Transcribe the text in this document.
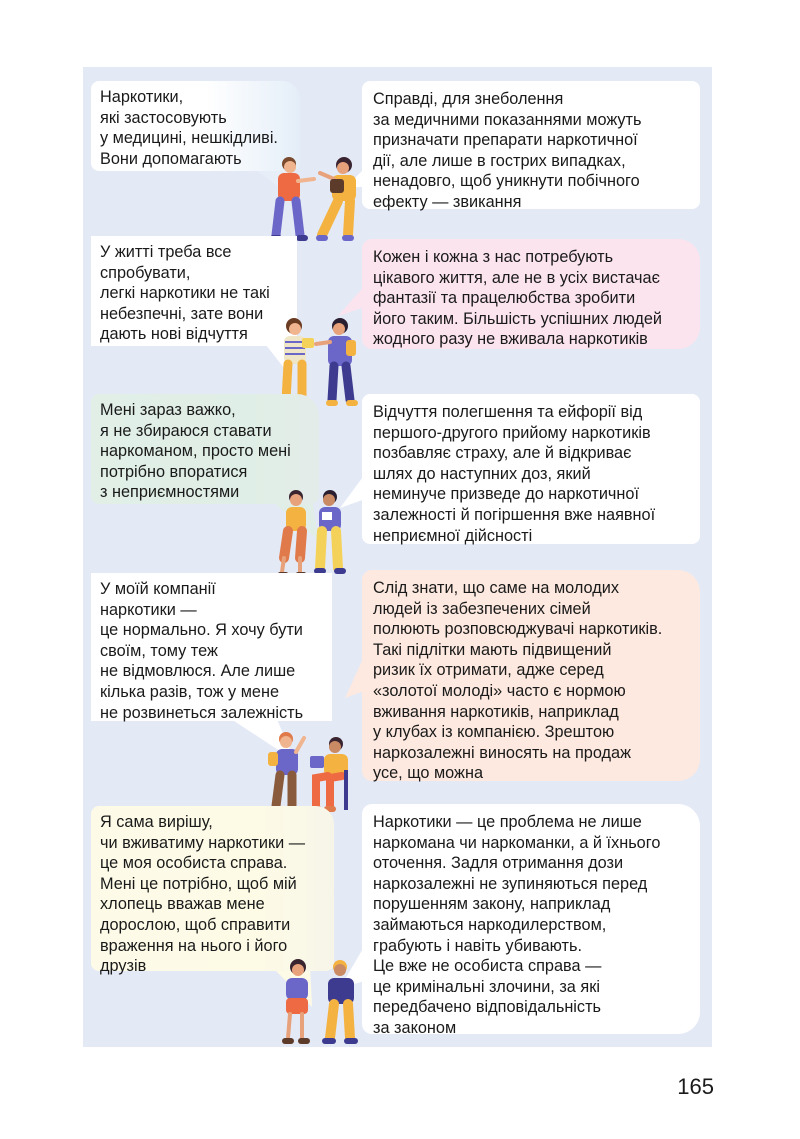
Наркотики,
які застосовують
у медицині, нешкідливі.
Вони допомагають
Справді, для знеболення
за медичними показаннями можуть
призначати препарати наркотичної
дії, але лише в гострих випадках,
ненадовго, щоб уникнути побічного
ефекту — звикання
У житті треба все
спробувати,
легкі наркотики не такі
небезпечні, зате вони
дають нові відчуття
Кожен і кожна з нас потребують
цікавого життя, але не в усіх вистачає
фантазії та працелюбства зробити
його таким. Більшість успішних людей
жодного разу не вживала наркотиків
Мені зараз важко,
я не збираюся ставати
наркоманом, просто мені
потрібно впоратися
з неприємностями
Відчуття полегшення та ейфорії від
першого-другого прийому наркотиків
позбавляє страху, але й відкриває
шлях до наступних доз, який
неминуче призведе до наркотичної
залежності й погіршення вже наявної
неприємної дійсності
У моїй компанії
наркотики —
це нормально. Я хочу бути
своїм, тому теж
не відмовлюся. Але лише
кілька разів, тож у мене
не розвинеться залежність
Слід знати, що саме на молодих
людей із забезпечених сімей
полюють розповсюджувачі наркотиків.
Такі підлітки мають підвищений
ризик їх отримати, адже серед
«золотої молоді» часто є нормою
вживання наркотиків, наприклад
у клубах із компанією. Зрештою
наркозалежні виносять на продаж
усе, що можна
Я сама вирішу,
чи вживатиму наркотики —
це моя особиста справа.
Мені це потрібно, щоб мій
хлопець вважав мене
дорослою, щоб справити
враження на нього і його
друзів
Наркотики — це проблема не лише
наркомана чи наркоманки, а й їхнього
оточення. Задля отримання дози
наркозалежні не зупиняються перед
порушенням закону, наприклад
займаються наркодилерством,
грабують і навіть убивають.
Це вже не особиста справа —
це кримінальні злочини, за які
передбачено відповідальність
за законом
165
